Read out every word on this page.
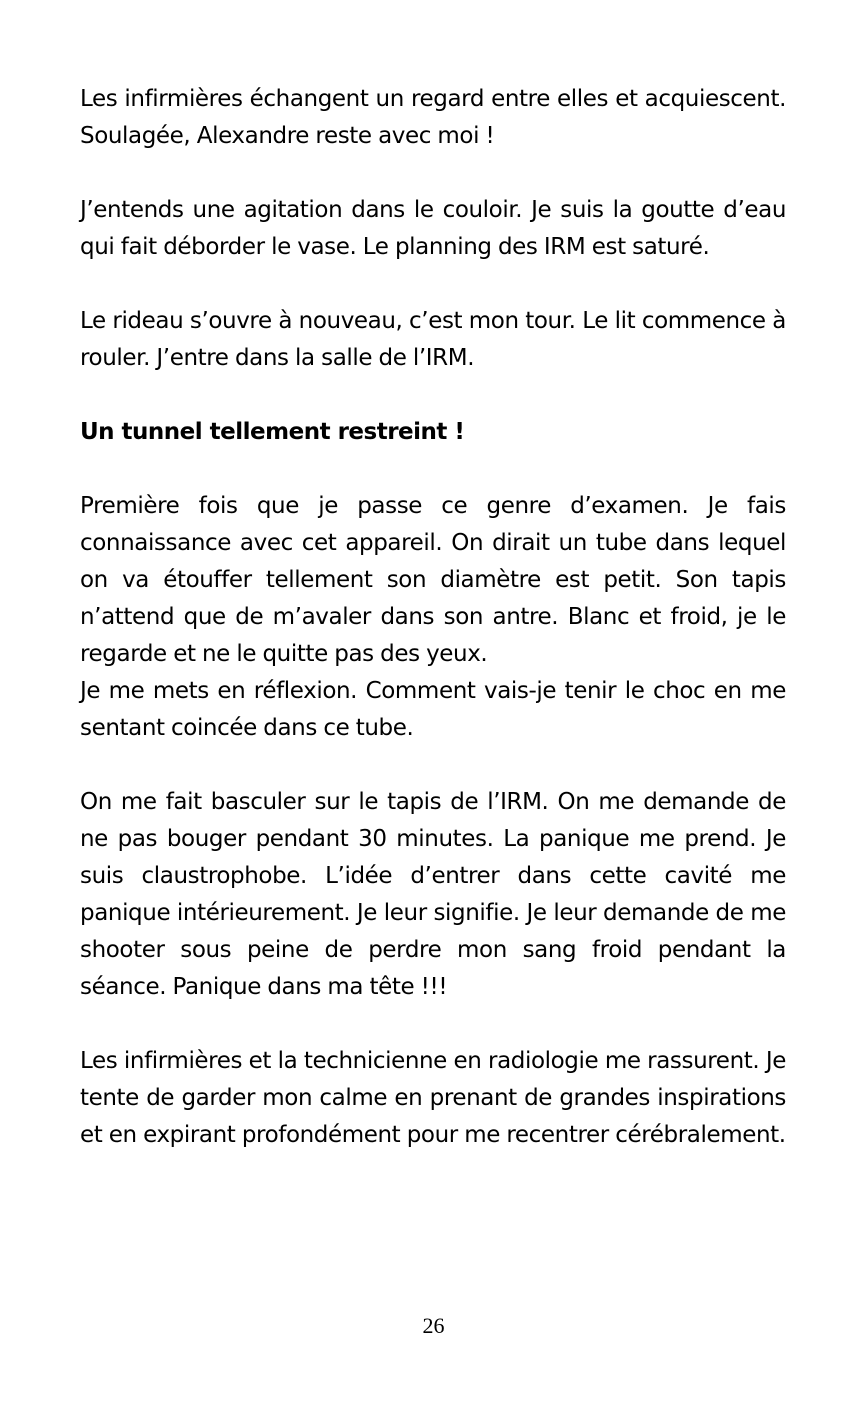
Les infirmières échangent un regard entre elles et acquiescent. Soulagée, Alexandre reste avec moi !

J’entends une agitation dans le couloir. Je suis la goutte d’eau qui fait déborder le vase. Le planning des IRM est saturé.

Le rideau s’ouvre à nouveau, c’est mon tour. Le lit commence à rouler. J’entre dans la salle de l’IRM.

Un tunnel tellement restreint !

Première fois que je passe ce genre d’examen. Je fais connaissance avec cet appareil. On dirait un tube dans lequel on va étouffer tellement son diamètre est petit. Son tapis n’attend que de m’avaler dans son antre. Blanc et froid, je le regarde et ne le quitte pas des yeux.

Je me mets en réflexion. Comment vais-je tenir le choc en me sentant coincée dans ce tube.

On me fait basculer sur le tapis de l’IRM. On me demande de ne pas bouger pendant 30 minutes. La panique me prend. Je suis claustrophobe. L’idée d’entrer dans cette cavité me panique intérieurement. Je leur signifie. Je leur demande de me shooter sous peine de perdre mon sang froid pendant la séance. Panique dans ma tête !!!

Les infirmières et la technicienne en radiologie me rassurent. Je tente de garder mon calme en prenant de grandes inspirations et en expirant profondément pour me recentrer cérébralement.

26
